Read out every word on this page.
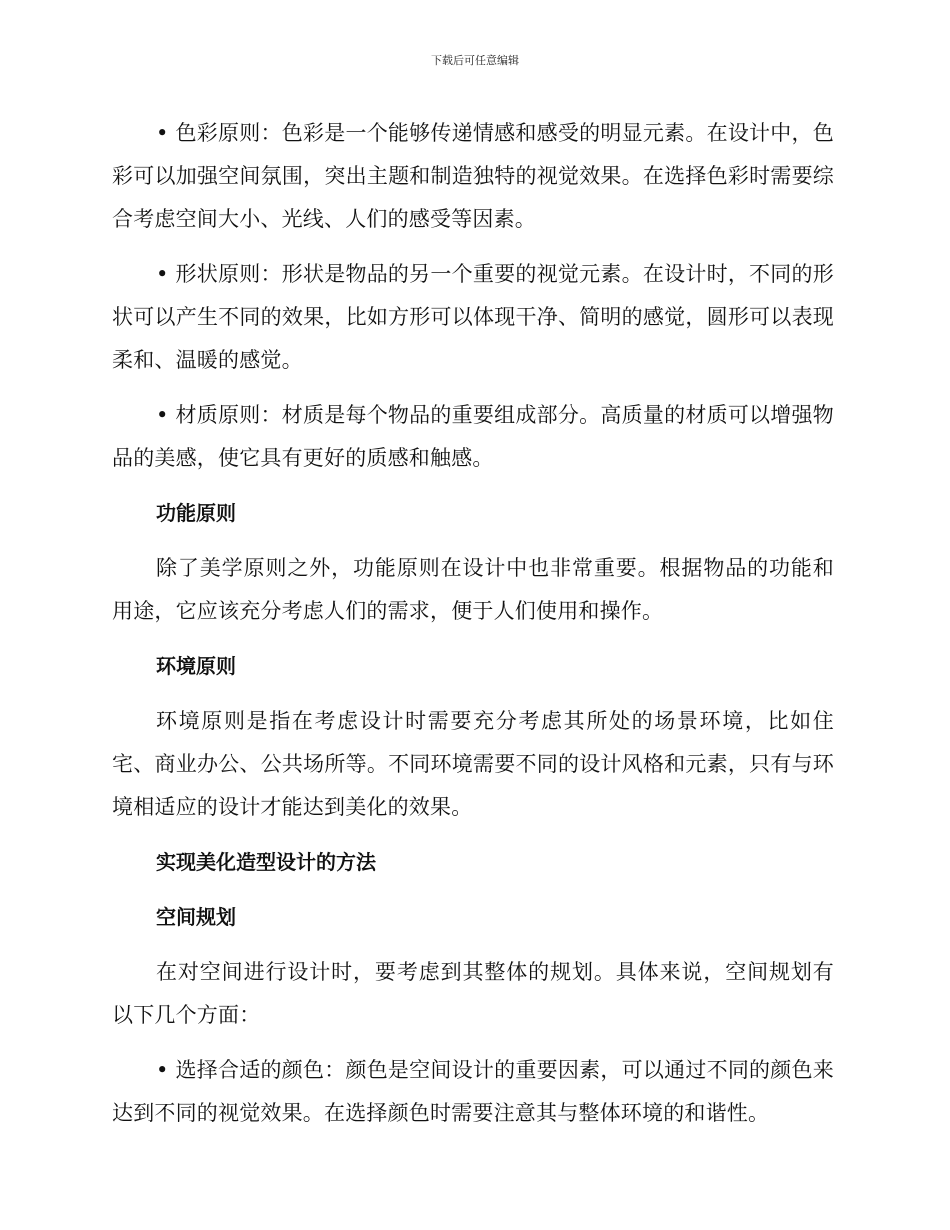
下载后可任意编辑

• 色彩原则：色彩是一个能够传递情感和感受的明显元素。在设计中，色彩可以加强空间氛围，突出主题和制造独特的视觉效果。在选择色彩时需要综合考虑空间大小、光线、人们的感受等因素。

• 形状原则：形状是物品的另一个重要的视觉元素。在设计时，不同的形状可以产生不同的效果，比如方形可以体现干净、简明的感觉，圆形可以表现柔和、温暖的感觉。

• 材质原则：材质是每个物品的重要组成部分。高质量的材质可以增强物品的美感，使它具有更好的质感和触感。

功能原则

除了美学原则之外，功能原则在设计中也非常重要。根据物品的功能和用途，它应该充分考虑人们的需求，便于人们使用和操作。

环境原则

环境原则是指在考虑设计时需要充分考虑其所处的场景环境，比如住宅、商业办公、公共场所等。不同环境需要不同的设计风格和元素，只有与环境相适应的设计才能达到美化的效果。

实现美化造型设计的方法
空间规划

在对空间进行设计时，要考虑到其整体的规划。具体来说，空间规划有以下几个方面：

• 选择合适的颜色：颜色是空间设计的重要因素，可以通过不同的颜色来达到不同的视觉效果。在选择颜色时需要注意其与整体环境的和谐性。
